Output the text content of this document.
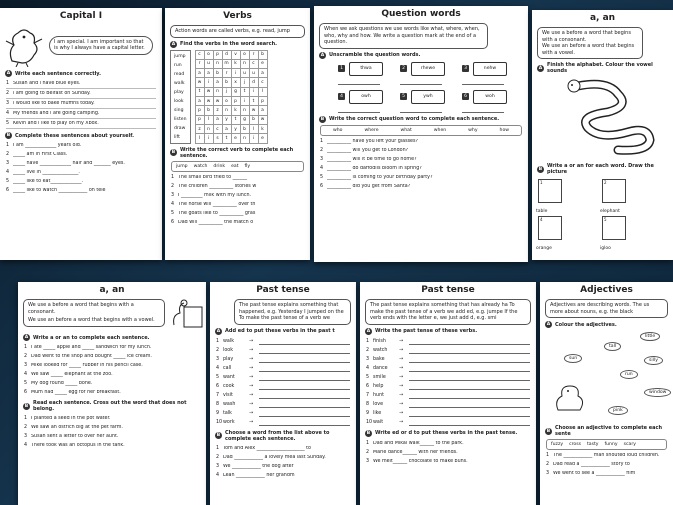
Capital I
I am special. I am important so that is why I always have a capital letter.
A Write each sentence correctly.
1 Susan and i have blue eyes.
2 i am going to Belfast on Sunday.
3 i would like to bake muffins today.
4 My friends and i are going camping.
5 Kevin and i like to play on my Xbox.
B Complete these sentences about yourself.
1 I am _____________ years old.
2 _____ am in First Class.
3 _____ have _____________ hair and _______ eyes.
4 _____ live in _______________.
5 _____ like to eat_____________.
6 _____ like to watch ____________ on tele
Verbs
Action words are called verbs, e.g. read, jump
A Find the verbs in the word search.
jump
run
read
walk
play
look
sing
listen
draw
lift
c	o	p	d	v	o	r	b
r	u	n	m	k	n	c	e
a	a	b	r	i	u	u	a
w	i	a	b	x	j	d	c
t	w	n	j	g	t	i	l
a	w	w	o	p	i	t	p
p	b	z	n	k	n	w	a
p	l	a	y	t	g	b	w
z	n	c	a	y	b	l	k
l	i	s	t	e	n	i	e
B Write the correct verb to complete each sentence.
jump watch drink eat fly
1 The small bird tried to ______
2 The children __________ stories w
3 I _________ milk with my lunch.
4 The horse will __________ over th
5 The goats like to __________ gras
6 Dad will __________ the match o
Question words
When we ask questions we use words like what, where, when, who, why and how. We write a question mark at the end of a question.
A Unscramble the question words.
1	thwa	2	rhewe	3	nehw
4	owh	5	ywh	6	woh
B Write the correct question word to complete each sentence.
who	where	what	when	why	how
1 __________ have you left your glasses?
2 __________ will you get to London?
3 __________ will it be time to go home?
4 __________ do daffodils bloom in spring?
5 __________ is coming to your birthday party?
6 __________ did you get from Santa?
a, an
We use a before a word that begins with a consonant.
We use an before a word that begins with a vowel.
A Finish the alphabet. Colour the vowel sounds
B Write a or an for each word. Draw the picture
1
table
2
elephant
4
orange
5
igloo
a, an
We use a before a word that begins with a consonant.
We use an before a word that begins with a vowel.
A Write a or an to complete each sentence.
1 I ate _____ apple and _____ sandwich for my lunch.
2 Dad went to the shop and bought _____ ice cream.
3 Mike looked for _____ rubber in his pencil case.
4 We saw _____ elephant at the zoo.
5 My dog found _____ bone.
6 Mum had _____ egg for her breakfast.
B Read each sentence. Cross out the word that does not belong.
1 I planted a seed in the pot water.
2 We saw an ostrich big at the pet farm.
3 Susan sent a letter to over her aunt.
4 There took was an octopus in the tank.
Past tense
The past tense explains something that happened, e.g. Yesterday I jumped on the To make the past tense of a verb we
A Add ed to put these verbs in the past t
1 walk	→
2 look	→
3 play	→
4 call	→
5 want	→
6 cook	→
7 visit	→
8 wash	→
9 talk	→
10 work	→
B Choose a word from the list above to complete each sentence.
1 Tom and Alex ____________________ to
2 Dad ____________ a lovely mea last Sunday.
3 We ____________ the dog after
4 Leah ____________ her grandm
Past tense
The past tense explains something that has already ha To make the past tense of a verb we add ed, e.g. jumpe If the verb ends with the letter e, we just add d, e.g. smi
A Write the past tense of these verbs.
1 finish	→
2 watch	→
3 bake	→
4 dance	→
5 smile	→
6 help	→
7 hunt	→
8 love	→
9 like	→
10 wait	→
B Write ed or d to put these verbs in the past tense.
1 Dad and Mikal walk______ to the park.
2 Marie dance______ with her friends.
3 We melt______ chocolate to make buns.
Adjectives
Adjectives are describing words. The us more about nouns, e.g. the black
A Colour the adjectives.
little
tall
sun	silly
run
window
pink
B Choose an adjective to complete each sente
fuzzy cross tasty funny scary
1 The ____________ man shouted loud children.
2 Dad read a ____________ story to
3 We went to see a ____________ film
